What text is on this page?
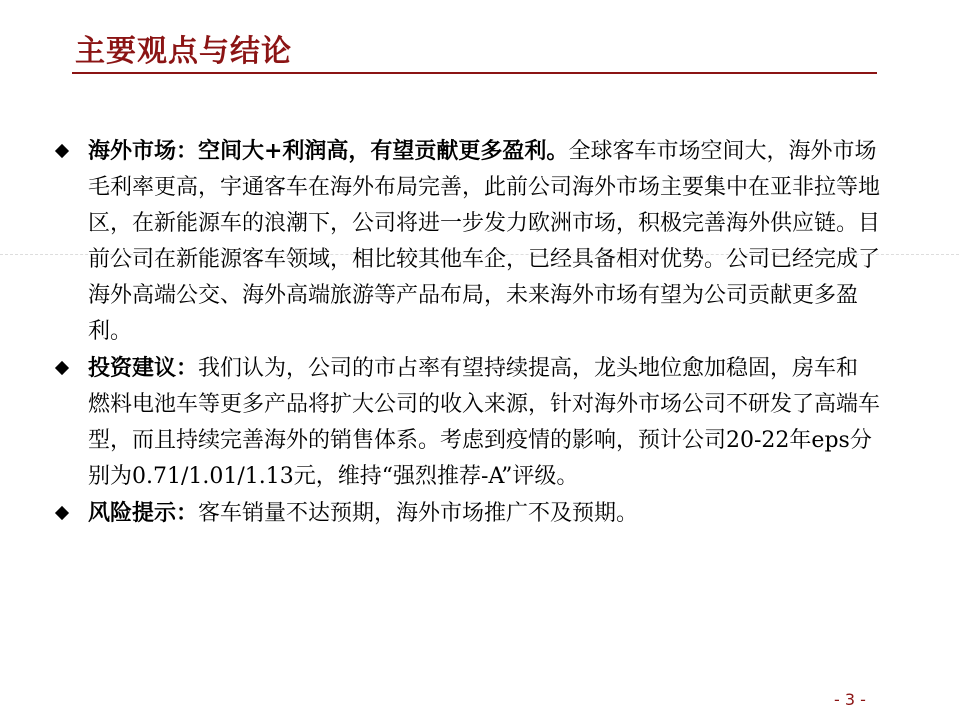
主要观点与结论
海外市场：空间大+利润高，有望贡献更多盈利。全球客车市场空间大，海外市场毛利率更高，宇通客车在海外布局完善，此前公司海外市场主要集中在亚非拉等地区，在新能源车的浪潮下，公司将进一步发力欧洲市场，积极完善海外供应链。目前公司在新能源客车领域，相比较其他车企，已经具备相对优势。公司已经完成了海外高端公交、海外高端旅游等产品布局，未来海外市场有望为公司贡献更多盈利。
投资建议：我们认为，公司的市占率有望持续提高，龙头地位愈加稳固，房车和燃料电池车等更多产品将扩大公司的收入来源，针对海外市场公司不研发了高端车型，而且持续完善海外的销售体系。考虑到疫情的影响，预计公司20-22年eps分别为0.71/1.01/1.13元，维持“强烈推荐-A”评级。
风险提示：客车销量不达预期，海外市场推广不及预期。
- 3 -
